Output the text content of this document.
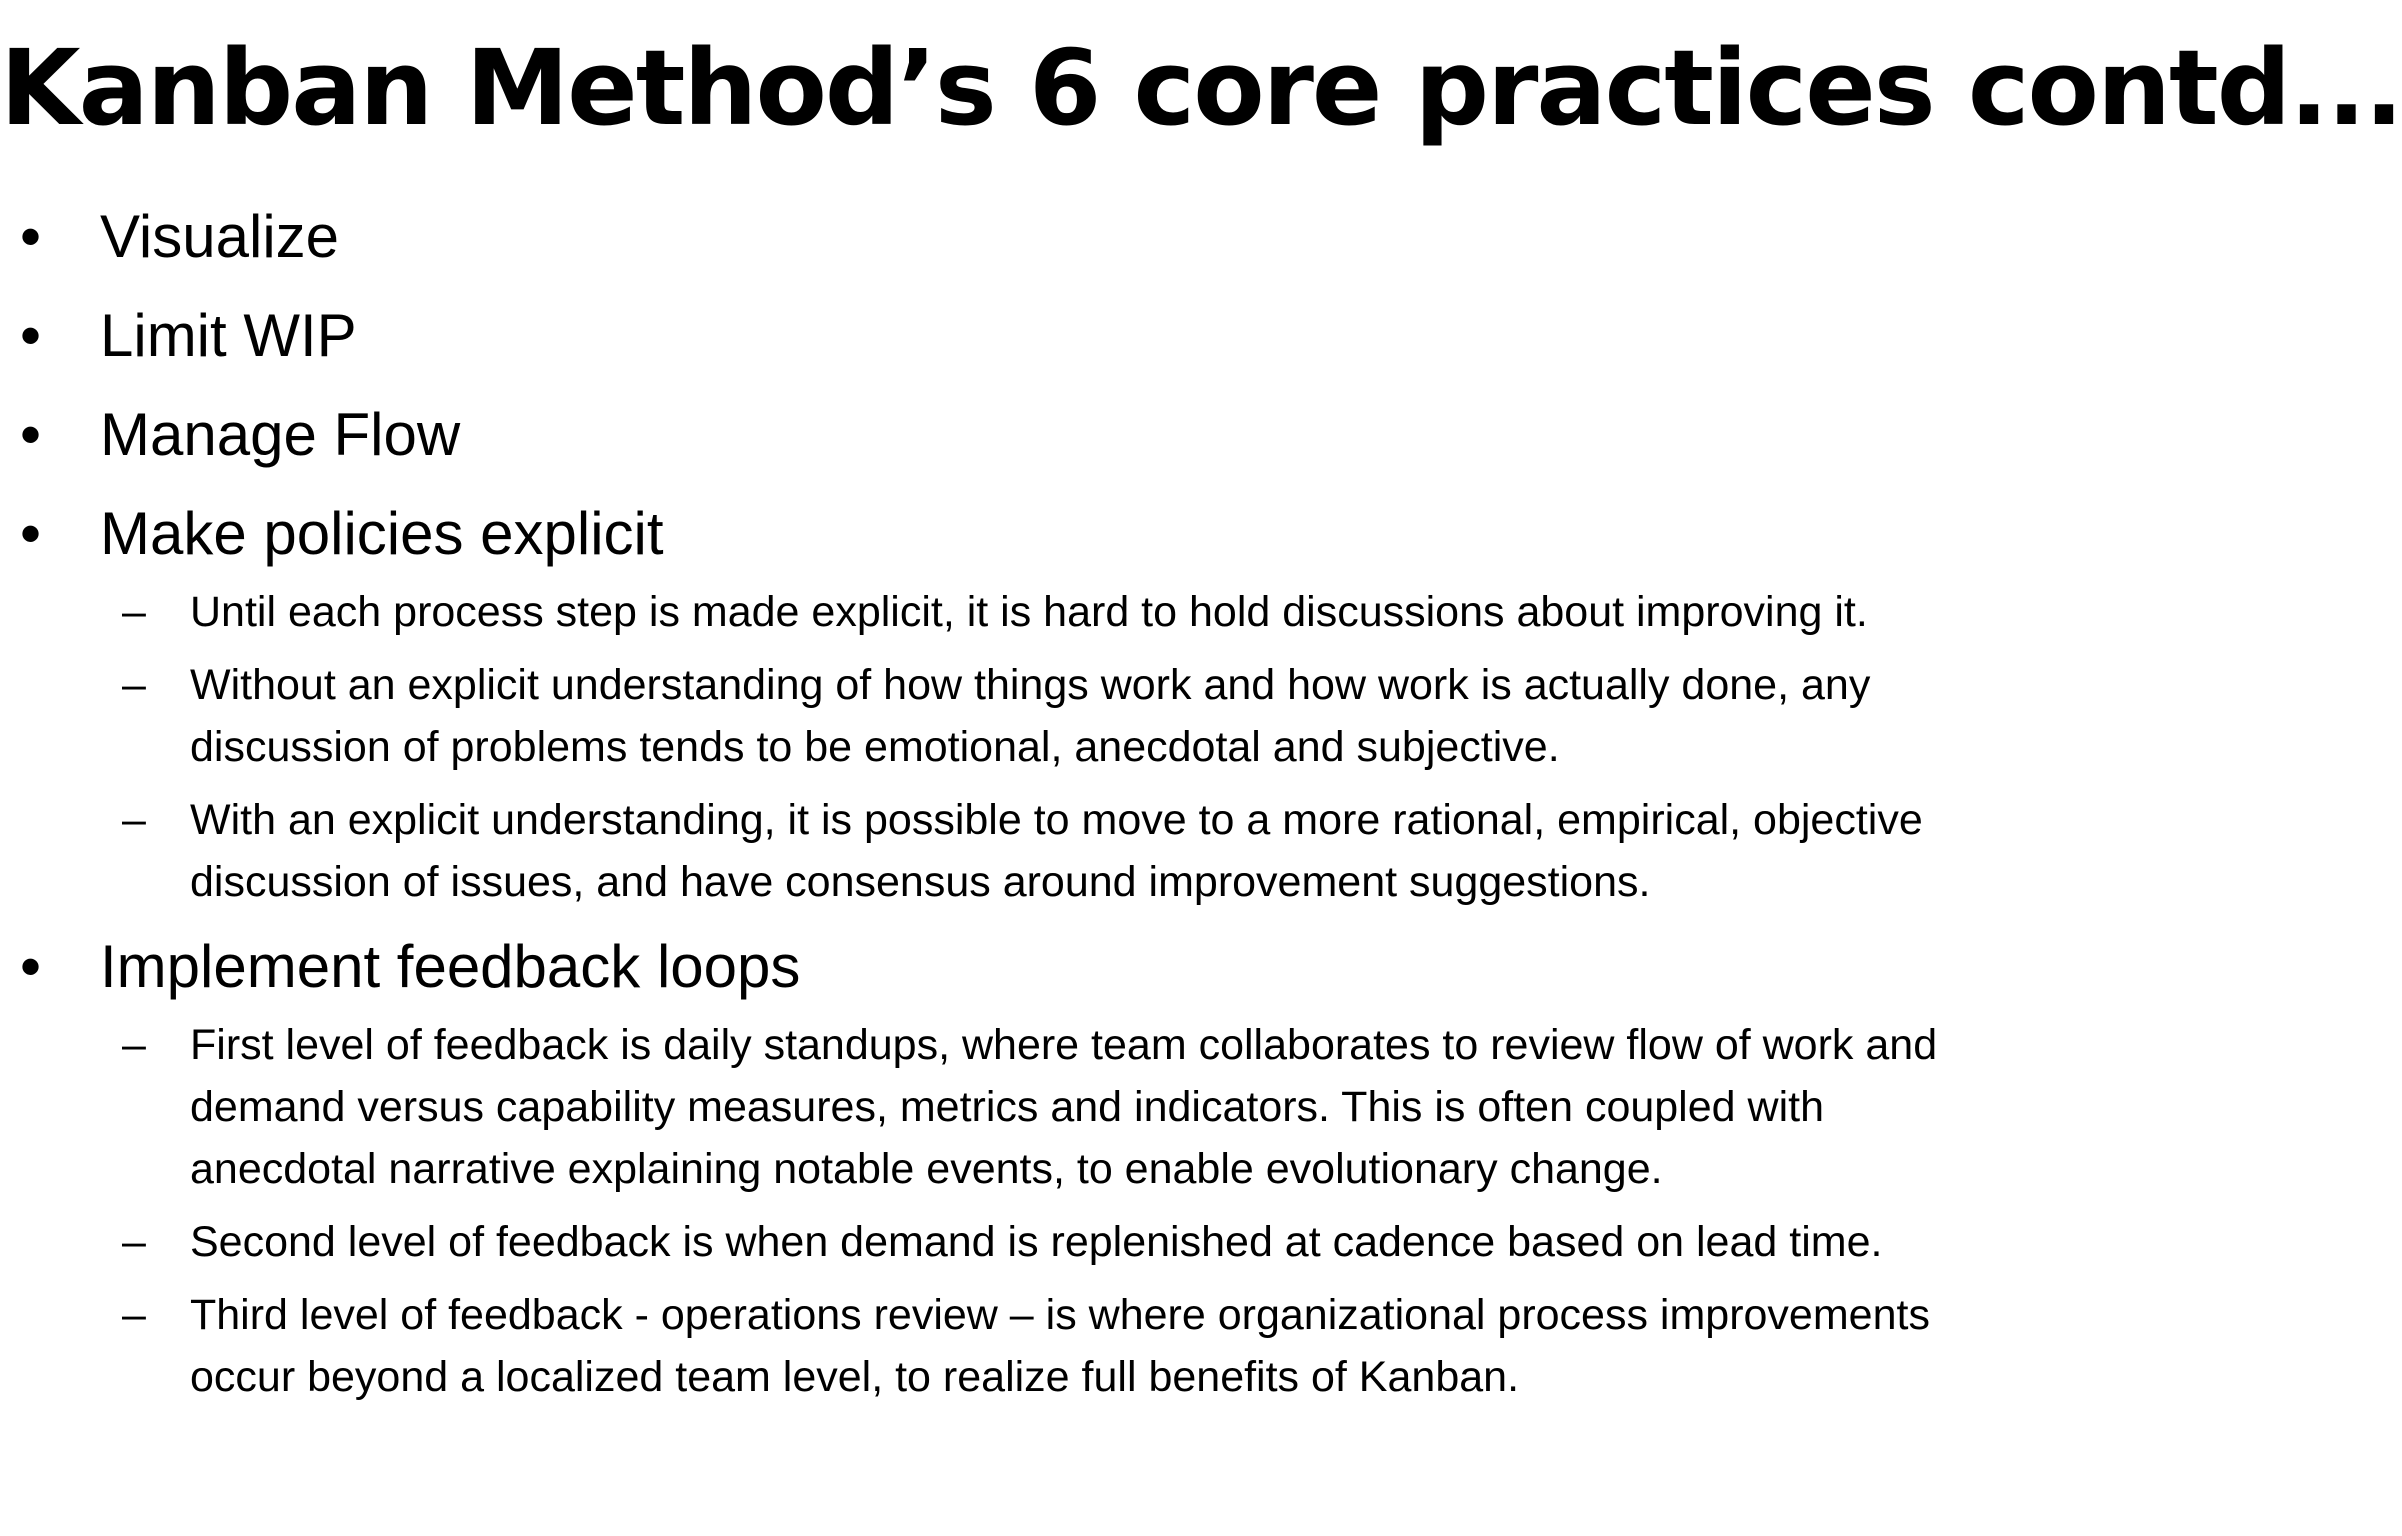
Kanban Method’s 6 core practices contd...
• Visualize
• Limit WIP
• Manage Flow
• Make policies explicit
– Until each process step is made explicit, it is hard to hold discussions about improving it.
– Without an explicit understanding of how things work and how work is actually done, any discussion of problems tends to be emotional, anecdotal and subjective.
– With an explicit understanding, it is possible to move to a more rational, empirical, objective discussion of issues, and have consensus around improvement suggestions.
• Implement feedback loops
– First level of feedback is daily standups, where team collaborates to review flow of work and demand versus capability measures, metrics and indicators. This is often coupled with anecdotal narrative explaining notable events, to enable evolutionary change.
– Second level of feedback is when demand is replenished at cadence based on lead time.
– Third level of feedback - operations review – is where organizational process improvements occur beyond a localized team level, to realize full benefits of Kanban.
